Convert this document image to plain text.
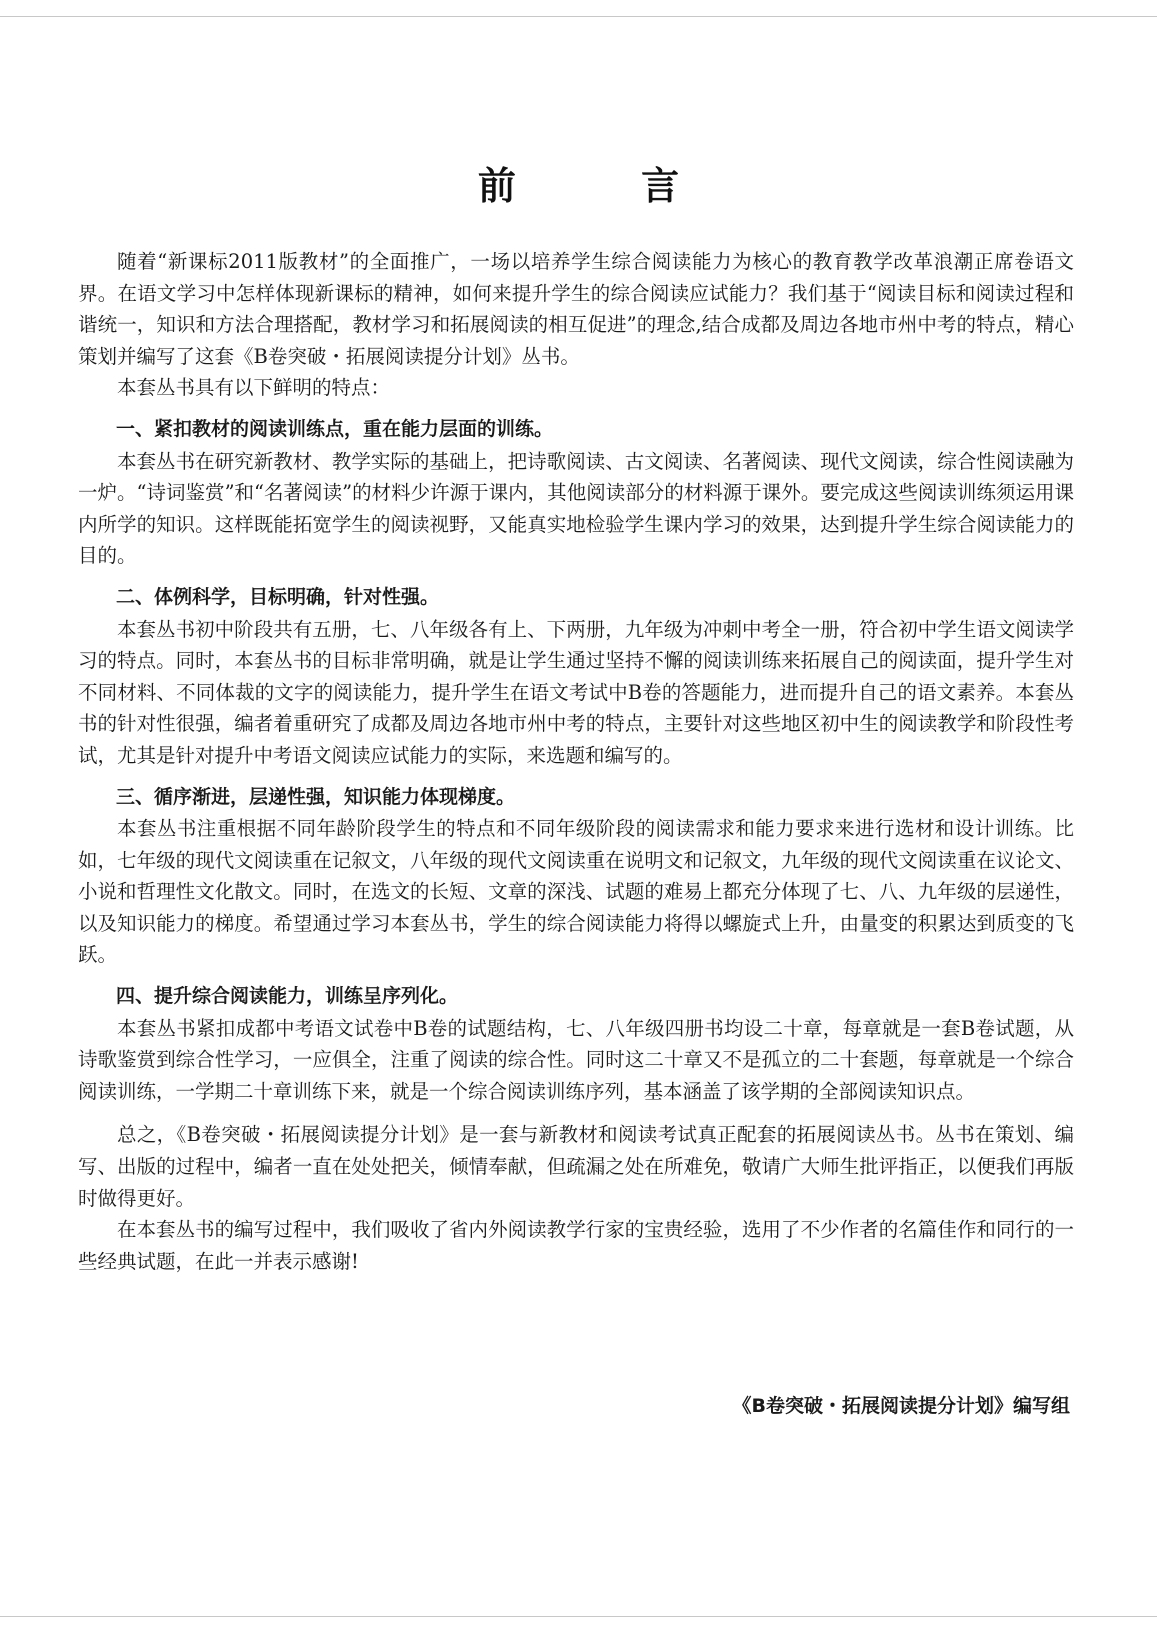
前 言

随着“新课标2011版教材”的全面推广，一场以培养学生综合阅读能力为核心的教育教学改革浪潮正席卷语文界。在语文学习中怎样体现新课标的精神，如何来提升学生的综合阅读应试能力？我们基于“阅读目标和阅读过程和谐统一，知识和方法合理搭配，教材学习和拓展阅读的相互促进”的理念,结合成都及周边各地市州中考的特点，精心策划并编写了这套《B卷突破・拓展阅读提分计划》丛书。

本套丛书具有以下鲜明的特点：

一、紧扣教材的阅读训练点，重在能力层面的训练。

本套丛书在研究新教材、教学实际的基础上，把诗歌阅读、古文阅读、名著阅读、现代文阅读，综合性阅读融为一炉。“诗词鉴赏”和“名著阅读”的材料少许源于课内，其他阅读部分的材料源于课外。要完成这些阅读训练须运用课内所学的知识。这样既能拓宽学生的阅读视野，又能真实地检验学生课内学习的效果，达到提升学生综合阅读能力的目的。

二、体例科学，目标明确，针对性强。

本套丛书初中阶段共有五册，七、八年级各有上、下两册，九年级为冲刺中考全一册，符合初中学生语文阅读学习的特点。同时，本套丛书的目标非常明确，就是让学生通过坚持不懈的阅读训练来拓展自己的阅读面，提升学生对不同材料、不同体裁的文字的阅读能力，提升学生在语文考试中B卷的答题能力，进而提升自己的语文素养。本套丛书的针对性很强，编者着重研究了成都及周边各地市州中考的特点，主要针对这些地区初中生的阅读教学和阶段性考试，尤其是针对提升中考语文阅读应试能力的实际，来选题和编写的。

三、循序渐进，层递性强，知识能力体现梯度。

本套丛书注重根据不同年龄阶段学生的特点和不同年级阶段的阅读需求和能力要求来进行选材和设计训练。比如，七年级的现代文阅读重在记叙文，八年级的现代文阅读重在说明文和记叙文，九年级的现代文阅读重在议论文、小说和哲理性文化散文。同时，在选文的长短、文章的深浅、试题的难易上都充分体现了七、八、九年级的层递性，以及知识能力的梯度。希望通过学习本套丛书，学生的综合阅读能力将得以螺旋式上升，由量变的积累达到质变的飞跃。

四、提升综合阅读能力，训练呈序列化。

本套丛书紧扣成都中考语文试卷中B卷的试题结构，七、八年级四册书均设二十章，每章就是一套B卷试题，从诗歌鉴赏到综合性学习，一应俱全，注重了阅读的综合性。同时这二十章又不是孤立的二十套题，每章就是一个综合阅读训练，一学期二十章训练下来，就是一个综合阅读训练序列，基本涵盖了该学期的全部阅读知识点。

总之，《B卷突破・拓展阅读提分计划》是一套与新教材和阅读考试真正配套的拓展阅读丛书。丛书在策划、编写、出版的过程中，编者一直在处处把关，倾情奉献，但疏漏之处在所难免，敬请广大师生批评指正，以便我们再版时做得更好。

在本套丛书的编写过程中，我们吸收了省内外阅读教学行家的宝贵经验，选用了不少作者的名篇佳作和同行的一些经典试题，在此一并表示感谢!

《B卷突破・拓展阅读提分计划》编写组
